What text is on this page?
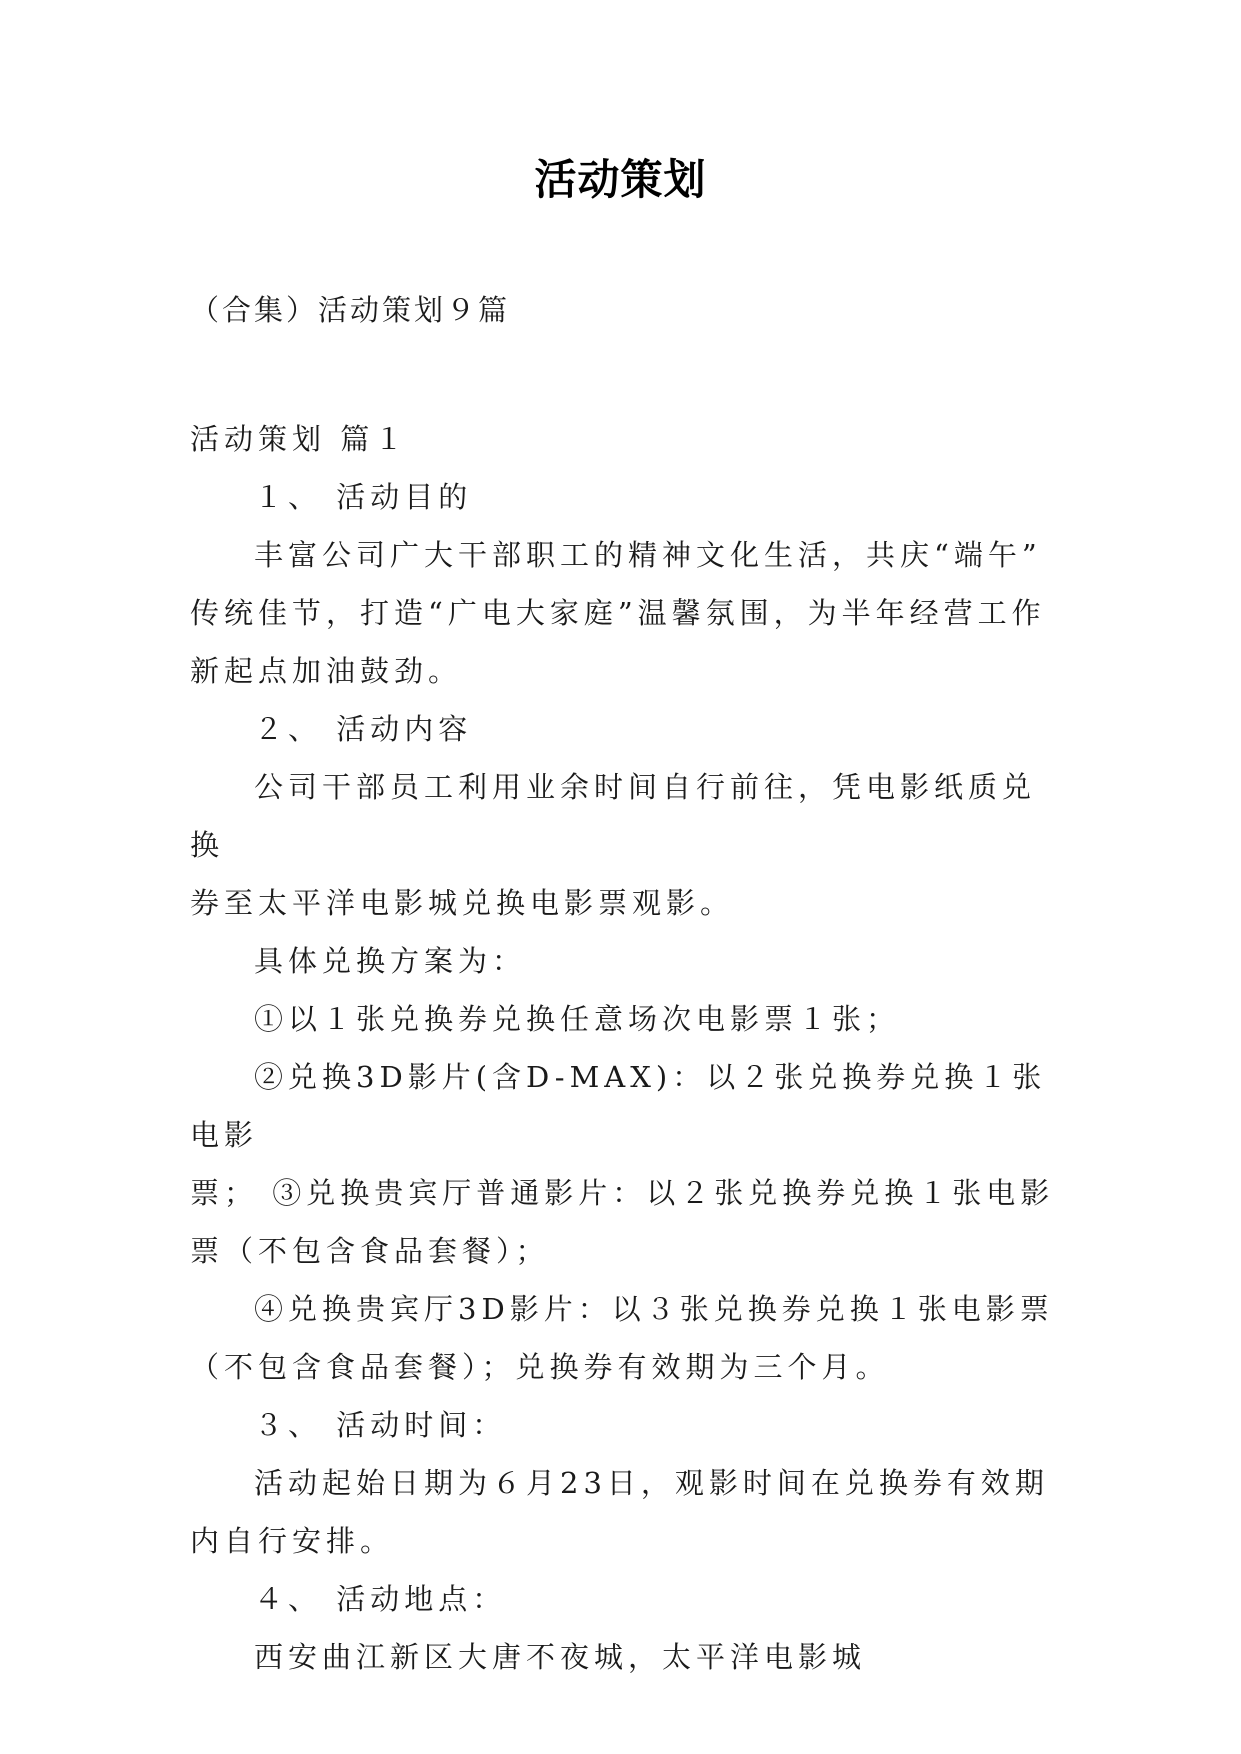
活动策划
（合集）活动策划９篇

活动策划 篇１

１、 活动目的

丰富公司广大干部职工的精神文化生活，共庆“端午”

传统佳节，打造“广电大家庭”温馨氛围，为半年经营工作

新起点加油鼓劲。

２、 活动内容

公司干部员工利用业余时间自行前往，凭电影纸质兑换

券至太平洋电影城兑换电影票观影。

具体兑换方案为：

①以１张兑换券兑换任意场次电影票１张；

②兑换3D影片(含D-MAX)：以２张兑换券兑换１张电影

票； ③兑换贵宾厅普通影片：以２张兑换券兑换１张电影

票（不包含食品套餐）；

④兑换贵宾厅3D影片：以３张兑换券兑换１张电影票

（不包含食品套餐）；兑换券有效期为三个月。

３、 活动时间：

活动起始日期为６月23日，观影时间在兑换券有效期

内自行安排。

４、 活动地点：

西安曲江新区大唐不夜城，太平洋电影城
